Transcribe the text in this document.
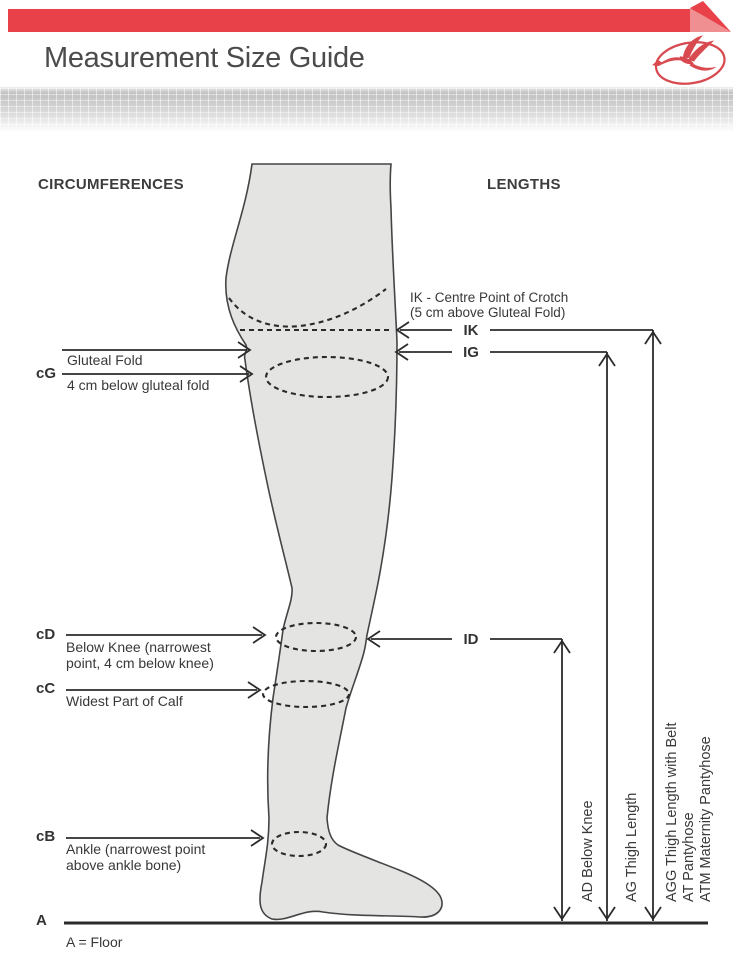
Measurement Size Guide
CIRCUMFERENCES
cG
Gluteal Fold
4 cm below gluteal fold
cD
Below Knee (narrowest
point, 4 cm below knee)
cC
Widest Part of Calf
cB
Ankle (narrowest point
above ankle bone)
A
A = Floor
LENGTHS
IK - Centre Point of Crotch
(5 cm above Gluteal Fold)
IK
IG
ID
AD Below Knee AG Thigh Length AGG Thigh Length with Belt AT Pantyhose ATM Maternity Pantyhose
